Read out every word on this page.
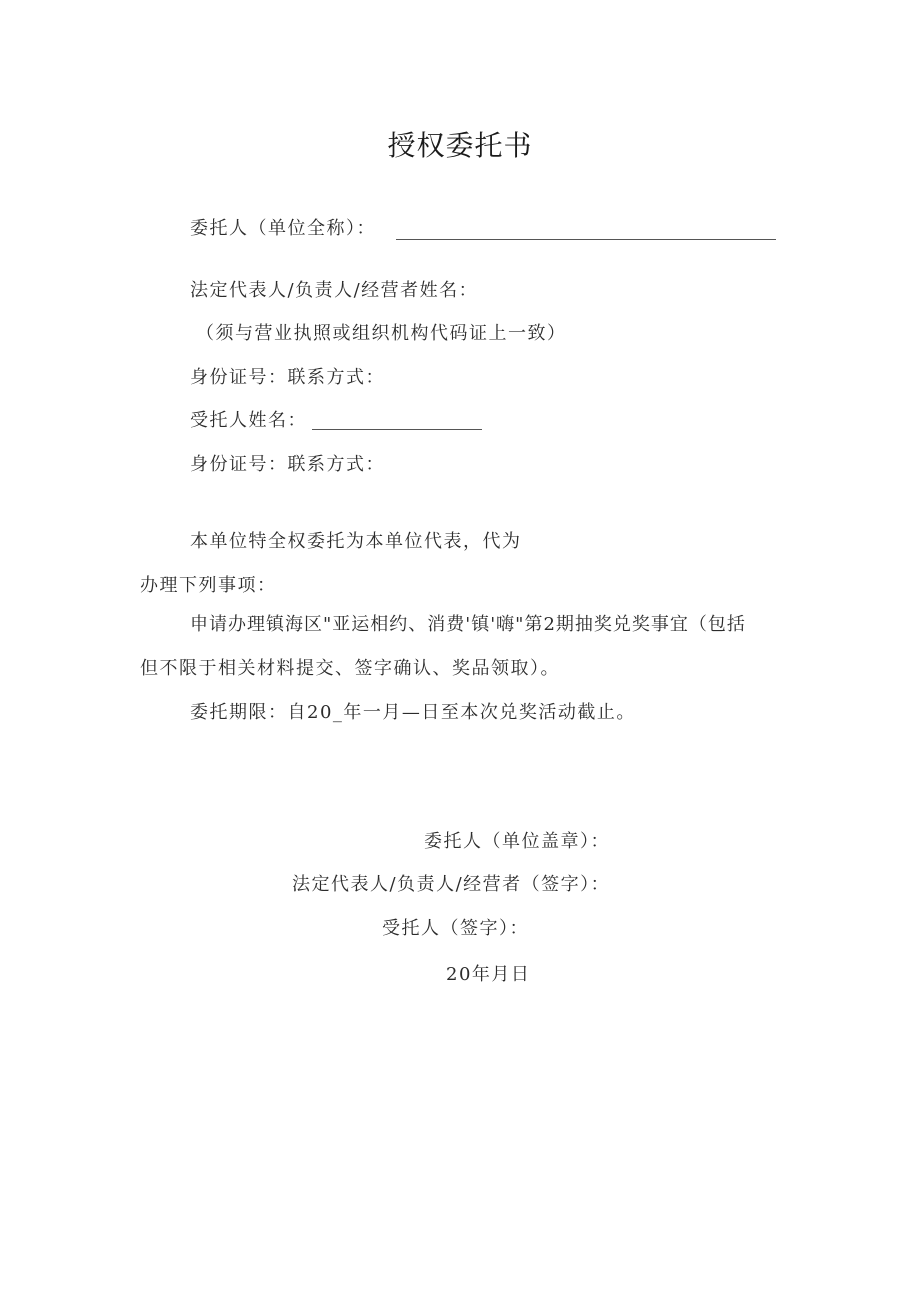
授权委托书
委托人（单位全称）：
法定代表人/负责人/经营者姓名：
（须与营业执照或组织机构代码证上一致）
身份证号：联系方式：
受托人姓名：
身份证号：联系方式：
本单位特全权委托为本单位代表，代为
办理下列事项：
申请办理镇海区"亚运相约、消费'镇'嗨"第2期抽奖兑奖事宜（包括
但不限于相关材料提交、签字确认、奖品领取）。
委托期限：自20_年一月—日至本次兑奖活动截止。
委托人（单位盖章）：
法定代表人/负责人/经营者（签字）：
受托人（签字）：
20年月日
